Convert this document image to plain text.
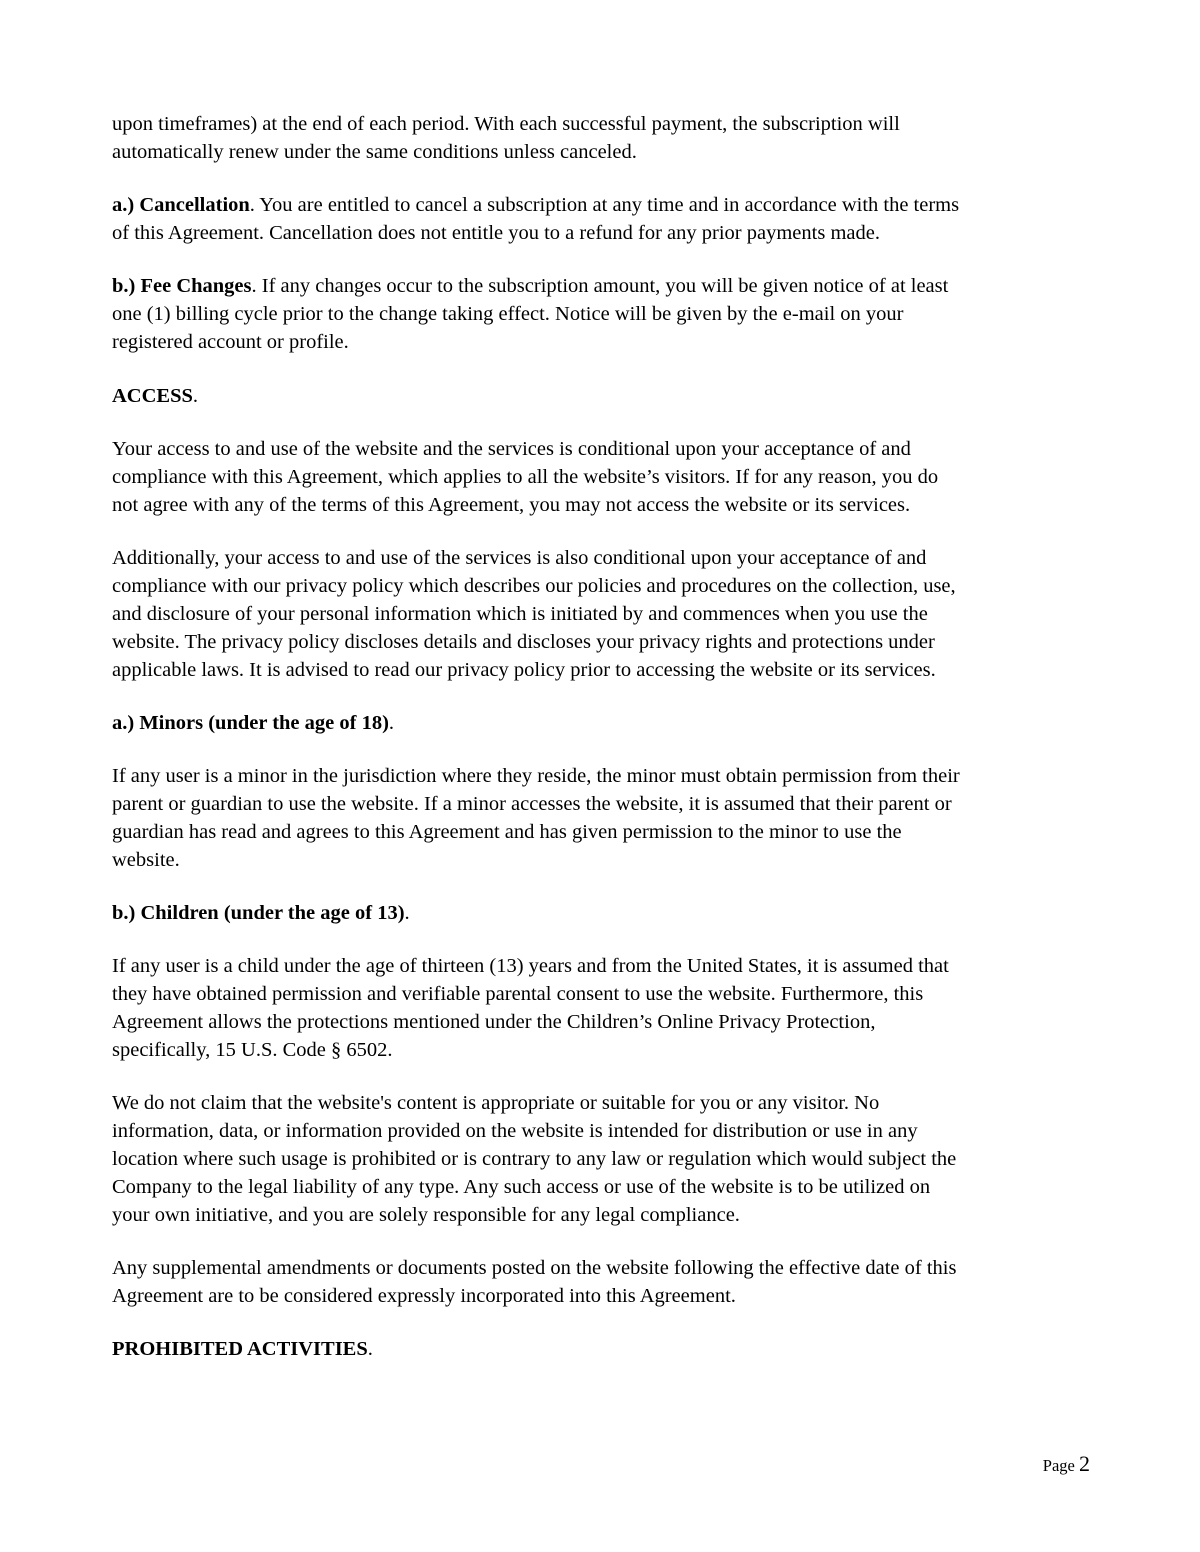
upon timeframes) at the end of each period. With each successful payment, the subscription will
automatically renew under the same conditions unless canceled.
a.) Cancellation. You are entitled to cancel a subscription at any time and in accordance with the terms
of this Agreement. Cancellation does not entitle you to a refund for any prior payments made.
b.) Fee Changes. If any changes occur to the subscription amount, you will be given notice of at least
one (1) billing cycle prior to the change taking effect. Notice will be given by the e-mail on your
registered account or profile.
ACCESS.
Your access to and use of the website and the services is conditional upon your acceptance of and
compliance with this Agreement, which applies to all the website’s visitors. If for any reason, you do
not agree with any of the terms of this Agreement, you may not access the website or its services.
Additionally, your access to and use of the services is also conditional upon your acceptance of and
compliance with our privacy policy which describes our policies and procedures on the collection, use,
and disclosure of your personal information which is initiated by and commences when you use the
website. The privacy policy discloses details and discloses your privacy rights and protections under
applicable laws. It is advised to read our privacy policy prior to accessing the website or its services.
a.) Minors (under the age of 18).
If any user is a minor in the jurisdiction where they reside, the minor must obtain permission from their
parent or guardian to use the website. If a minor accesses the website, it is assumed that their parent or
guardian has read and agrees to this Agreement and has given permission to the minor to use the
website.
b.) Children (under the age of 13).
If any user is a child under the age of thirteen (13) years and from the United States, it is assumed that
they have obtained permission and verifiable parental consent to use the website. Furthermore, this
Agreement allows the protections mentioned under the Children’s Online Privacy Protection,
specifically, 15 U.S. Code § 6502.
We do not claim that the website's content is appropriate or suitable for you or any visitor. No
information, data, or information provided on the website is intended for distribution or use in any
location where such usage is prohibited or is contrary to any law or regulation which would subject the
Company to the legal liability of any type. Any such access or use of the website is to be utilized on
your own initiative, and you are solely responsible for any legal compliance.
Any supplemental amendments or documents posted on the website following the effective date of this
Agreement are to be considered expressly incorporated into this Agreement.
PROHIBITED ACTIVITIES.
Page 2
